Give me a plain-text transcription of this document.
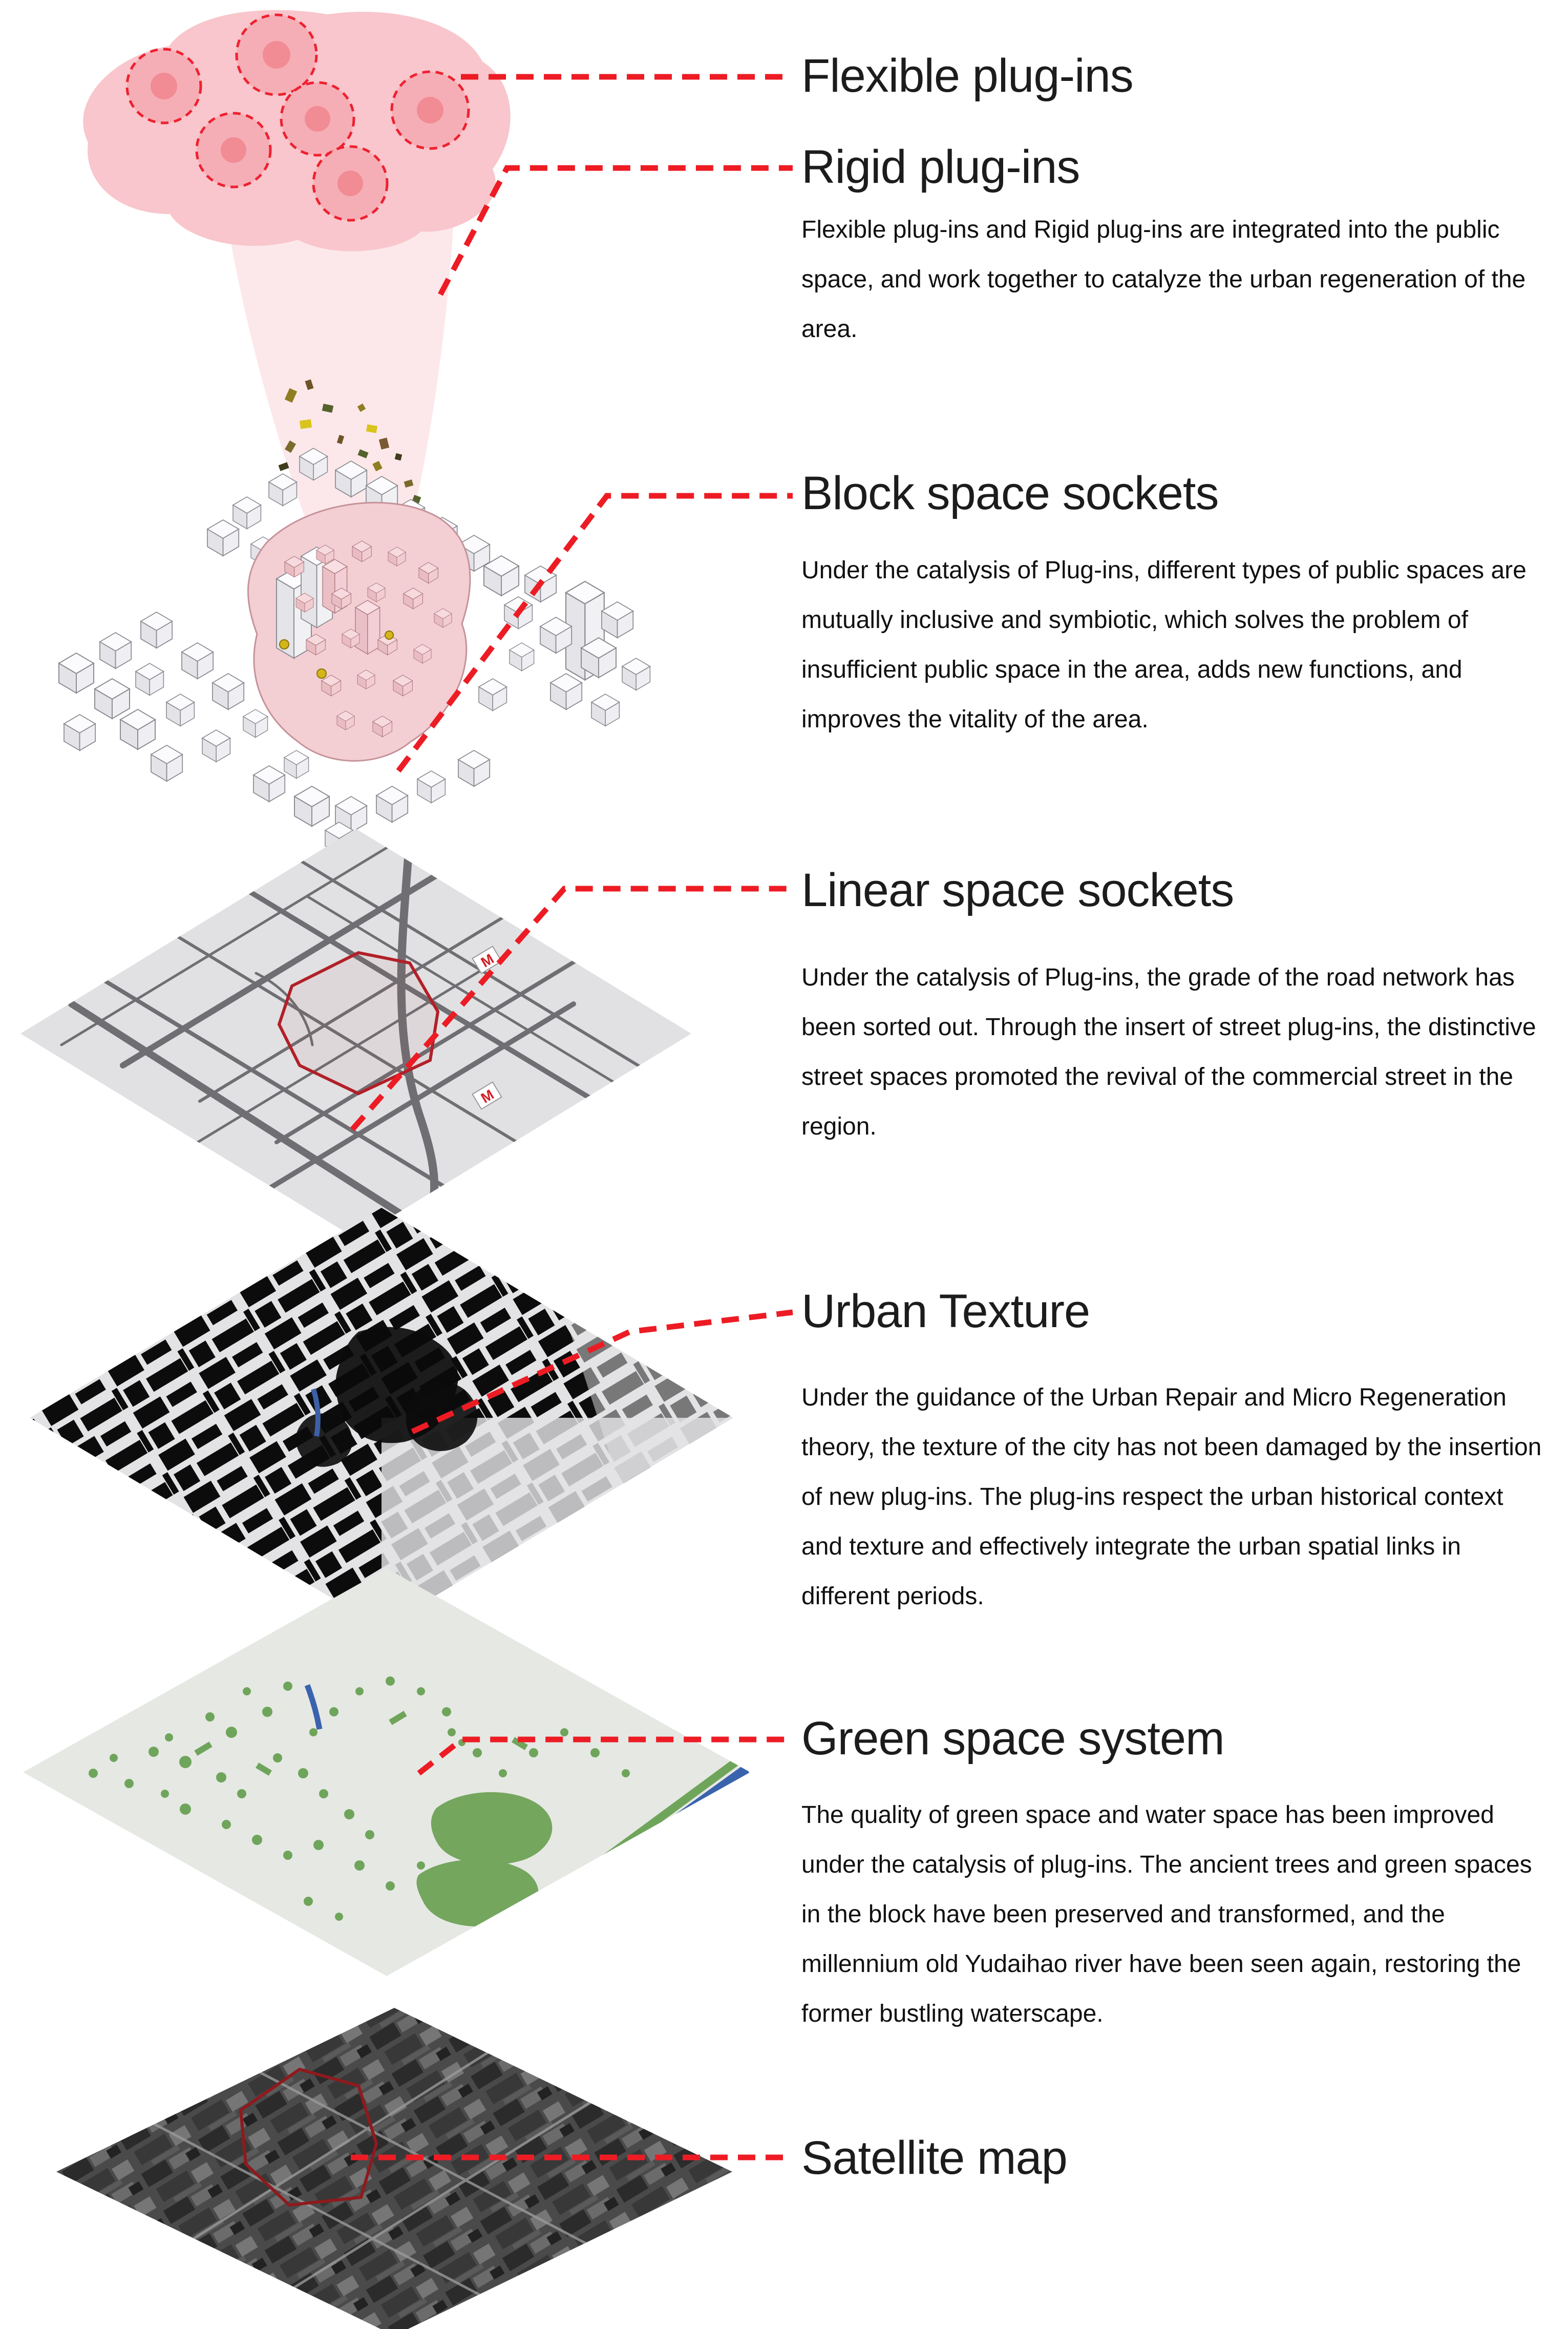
M
M
Flexible plug-ins
Rigid plug-ins
Flexible plug-ins and Rigid plug-ins are integrated into the public space, and work together to catalyze the urban regeneration of the area.
Block space sockets
Under the catalysis of Plug-ins, different types of public spaces are mutually inclusive and symbiotic, which solves the problem of insufficient public space in the area, adds new functions, and improves the vitality of the area.
Linear space sockets
Under the catalysis of Plug-ins, the grade of the road network has been sorted out. Through the insert of street plug-ins, the distinctive street spaces promoted the revival of the commercial street in the region.
Urban Texture
Under the guidance of the Urban Repair and Micro Regeneration theory, the texture of the city has not been damaged by the insertion of new plug-ins. The plug-ins respect the urban historical context and texture and effectively integrate the urban spatial links in different periods.
Green space system
The quality of green space and water space has been improved under the catalysis of plug-ins. The ancient trees and green spaces in the block have been preserved and transformed, and the millennium old Yudaihao river have been seen again, restoring the former bustling waterscape.
Satellite map
